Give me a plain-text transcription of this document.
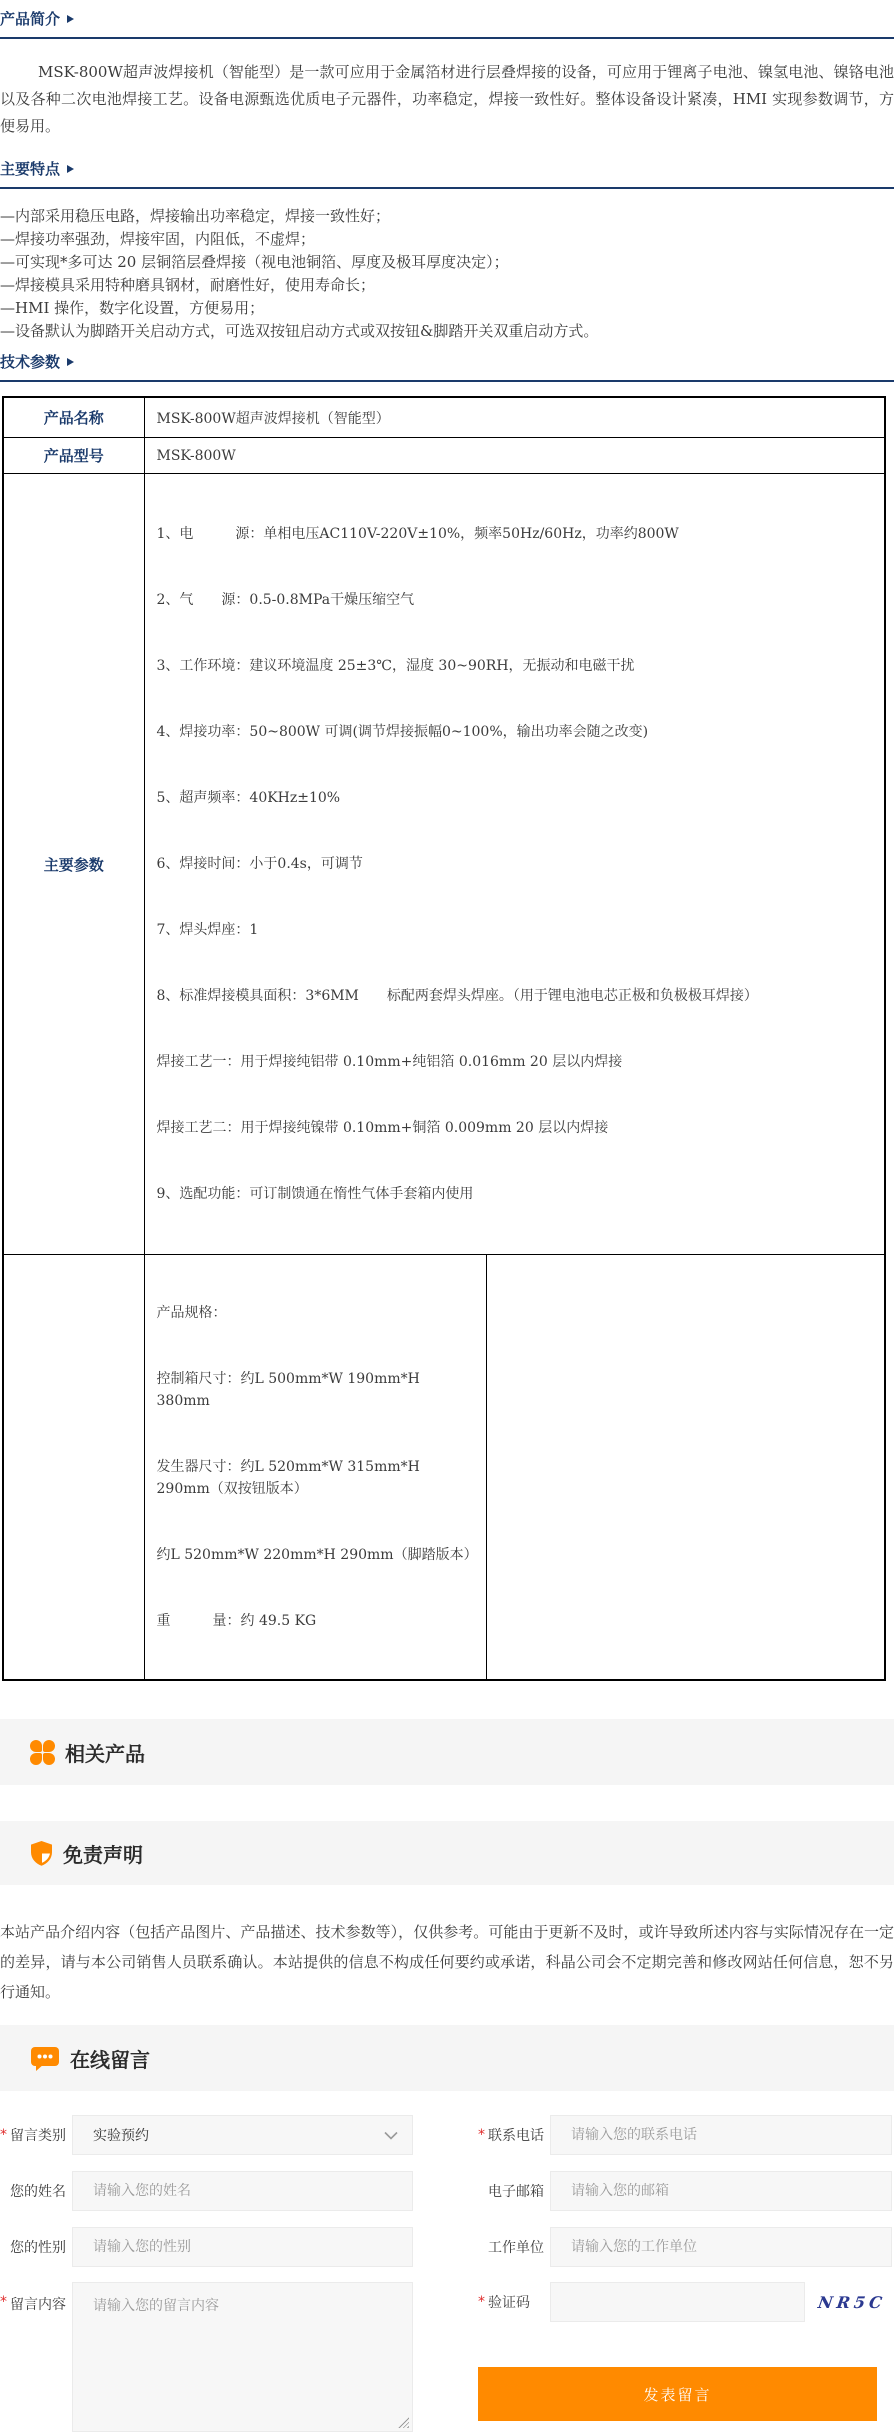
产品简介

MSK-800W超声波焊接机（智能型）是一款可应用于金属箔材进行层叠焊接的设备，可应用于锂离子电池、镍氢电池、镍铬电池以及各种二次电池焊接工艺。设备电源甄选优质电子元器件，功率稳定，焊接一致性好。整体设备设计紧凑，HMI 实现参数调节，方便易用。

主要特点
—内部采用稳压电路，焊接输出功率稳定，焊接一致性好；
—焊接功率强劲，焊接牢固，内阻低，不虚焊；
—可实现*多可达 20 层铜箔层叠焊接（视电池铜箔、厚度及极耳厚度决定）；
—焊接模具采用特种磨具钢材，耐磨性好，使用寿命长；
—HMI 操作，数字化设置，方便易用；
—设备默认为脚踏开关启动方式，可选双按钮启动方式或双按钮&脚踏开关双重启动方式。
技术参数
产品名称	MSK-800W超声波焊接机（智能型）	
产品型号	MSK-800W	
主要参数	

1、电　　　源：单相电压AC110V-220V±10%，频率50Hz/60Hz，功率约800W

2、气　　源：0.5-0.8MPa干燥压缩空气

3、工作环境：建议环境温度 25±3℃，湿度 30~90RH，无振动和电磁干扰

4、焊接功率：50~800W 可调(调节焊接振幅0~100%，输出功率会随之改变)

5、超声频率：40KHz±10%

6、焊接时间：小于0.4s，可调节

7、焊头焊座：1

8、标准焊接模具面积：3*6MM　　标配两套焊头焊座。（用于锂电池电芯正极和负极极耳焊接）

焊接工艺一：用于焊接纯铝带 0.10mm+纯铝箔 0.016mm 20 层以内焊接

焊接工艺二：用于焊接纯镍带 0.10mm+铜箔 0.009mm 20 层以内焊接

9、选配功能：可订制馈通在惰性气体手套箱内使用

	产品规格：

控制箱尺寸：约L 500mm*W 190mm*H 380mm

发生器尺寸：约L 520mm*W 315mm*H 290mm（双按钮版本）

约L 520mm*W 220mm*H 290mm（脚踏版本）

重　　　量：约 49.5 KG	

相关产品
免责声明

本站产品介绍内容（包括产品图片、产品描述、技术参数等），仅供参考。可能由于更新不及时，或许导致所述内容与实际情况存在一定的差异，请与本公司销售人员联系确认。本站提供的信息不构成任何要约或承诺，科晶公司会不定期完善和修改网站任何信息，恕不另行通知。

在线留言
* 留言类别 实验预约
您的姓名
请输入您的姓名
您的性别
请输入您的性别
* 联系电话
请输入您的联系电话
电子邮箱
请输入您的邮箱
工作单位
请输入您的工作单位
* 留言内容
请输入您的留言内容	* 验证码	NR5C
发表留言
